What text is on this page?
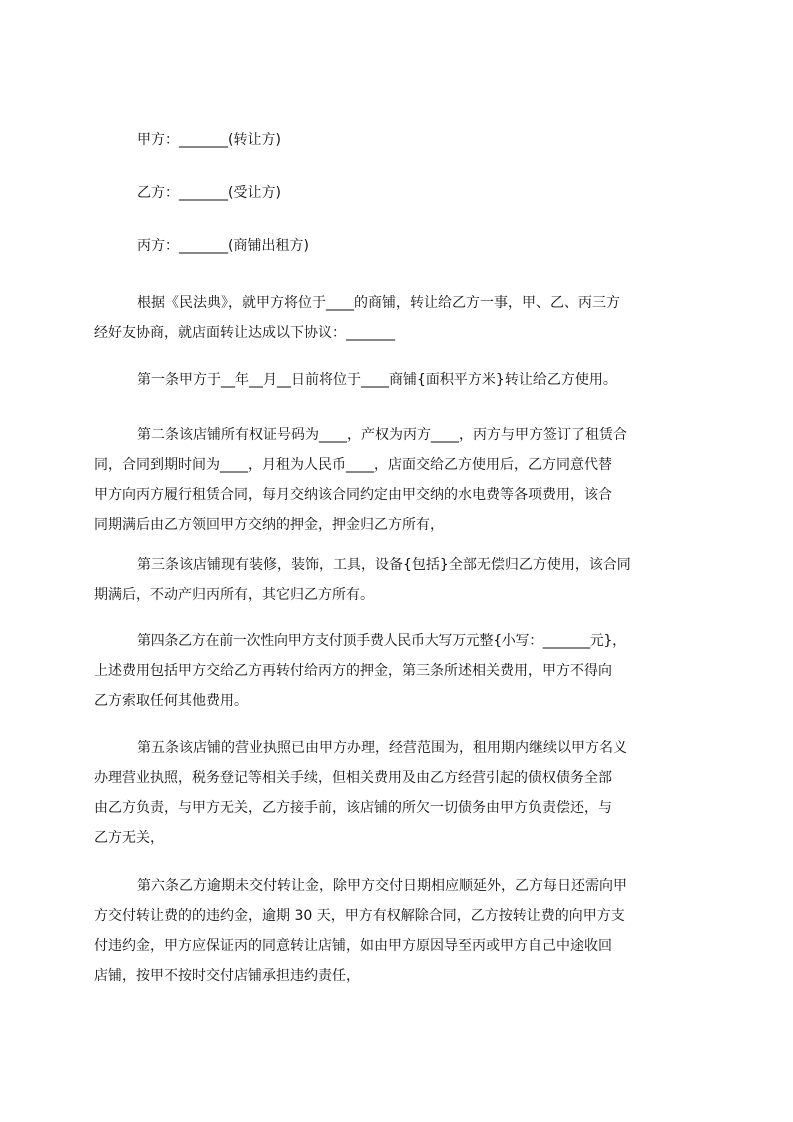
甲方：_______(转让方)
乙方：_______(受让方)
丙方：_______(商铺出租方)
根据《民法典》，就甲方将位于____的商铺，转让给乙方一事，甲、乙、丙三方
经好友协商，就店面转让达成以下协议：_______
第一条甲方于__年__月__日前将位于____商铺{面积平方米}转让给乙方使用。
第二条该店铺所有权证号码为____，产权为丙方____，丙方与甲方签订了租赁合
同，合同到期时间为____，月租为人民币____，店面交给乙方使用后，乙方同意代替
甲方向丙方履行租赁合同，每月交纳该合同约定由甲交纳的水电费等各项费用，该合
同期满后由乙方领回甲方交纳的押金，押金归乙方所有，
第三条该店铺现有装修，装饰，工具，设备{包括}全部无偿归乙方使用，该合同
期满后，不动产归丙所有，其它归乙方所有。
第四条乙方在前一次性向甲方支付顶手费人民币大写万元整{小写：_______元}，
上述费用包括甲方交给乙方再转付给丙方的押金，第三条所述相关费用，甲方不得向
乙方索取任何其他费用。
第五条该店铺的营业执照已由甲方办理，经营范围为，租用期内继续以甲方名义
办理营业执照，税务登记等相关手续，但相关费用及由乙方经营引起的债权债务全部
由乙方负责，与甲方无关，乙方接手前，该店铺的所欠一切债务由甲方负责偿还，与
乙方无关，
第六条乙方逾期未交付转让金，除甲方交付日期相应顺延外，乙方每日还需向甲
方交付转让费的的违约金，逾期 30 天，甲方有权解除合同，乙方按转让费的向甲方支
付违约金，甲方应保证丙的同意转让店铺，如由甲方原因导至丙或甲方自己中途收回
店铺，按甲不按时交付店铺承担违约责任，
